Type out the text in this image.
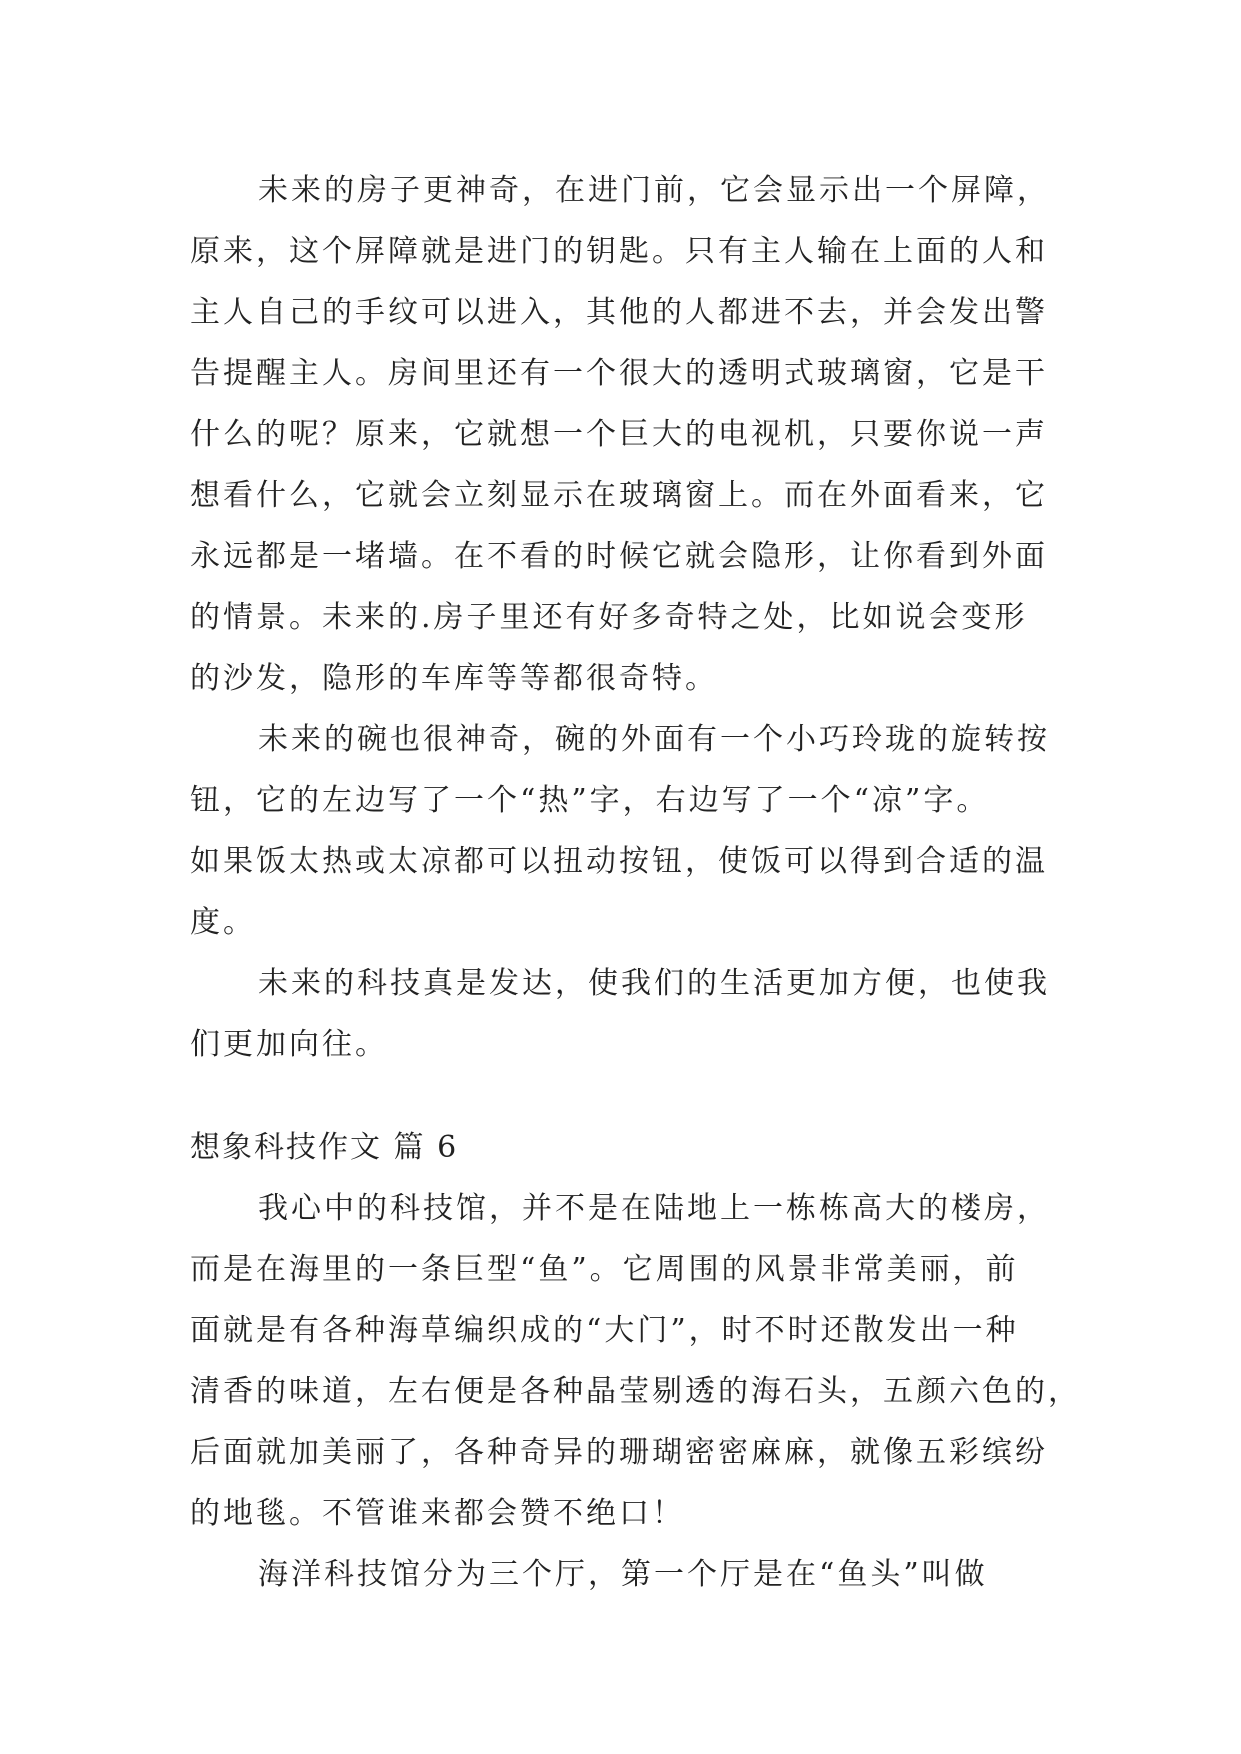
未来的房子更神奇，在进门前，它会显示出一个屏障，
原来，这个屏障就是进门的钥匙。只有主人输在上面的人和
主人自己的手纹可以进入，其他的人都进不去，并会发出警
告提醒主人。房间里还有一个很大的透明式玻璃窗，它是干
什么的呢？原来，它就想一个巨大的电视机，只要你说一声
想看什么，它就会立刻显示在玻璃窗上。而在外面看来，它
永远都是一堵墙。在不看的时候它就会隐形，让你看到外面
的情景。未来的.房子里还有好多奇特之处，比如说会变形
的沙发，隐形的车库等等都很奇特。
未来的碗也很神奇，碗的外面有一个小巧玲珑的旋转按
钮，它的左边写了一个“热”字，右边写了一个“凉”字。
如果饭太热或太凉都可以扭动按钮，使饭可以得到合适的温
度。
未来的科技真是发达，使我们的生活更加方便，也使我
们更加向往。
想象科技作文 篇 6
我心中的科技馆，并不是在陆地上一栋栋高大的楼房，
而是在海里的一条巨型“鱼”。它周围的风景非常美丽，前
面就是有各种海草编织成的“大门”，时不时还散发出一种
清香的味道，左右便是各种晶莹剔透的海石头，五颜六色的，
后面就加美丽了，各种奇异的珊瑚密密麻麻，就像五彩缤纷
的地毯。不管谁来都会赞不绝口！
海洋科技馆分为三个厅，第一个厅是在“鱼头”叫做
